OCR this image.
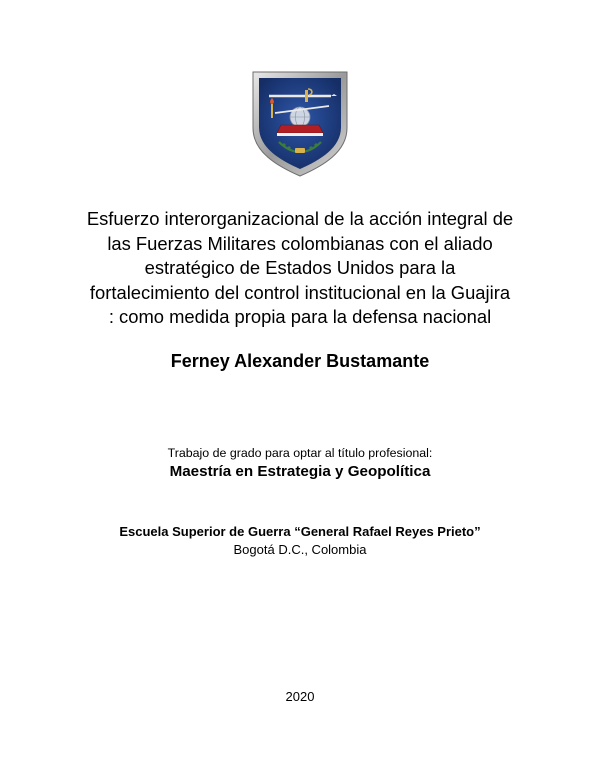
Esfuerzo interorganizacional de la acción integral de
las Fuerzas Militares colombianas con el aliado
estratégico de Estados Unidos para la
fortalecimiento del control institucional en la Guajira
: como medida propia para la defensa nacional

Ferney Alexander Bustamante

Trabajo de grado para optar al título profesional:

Maestría en Estrategia y Geopolítica

Escuela Superior de Guerra “General Rafael Reyes Prieto”

Bogotá D.C., Colombia

2020
